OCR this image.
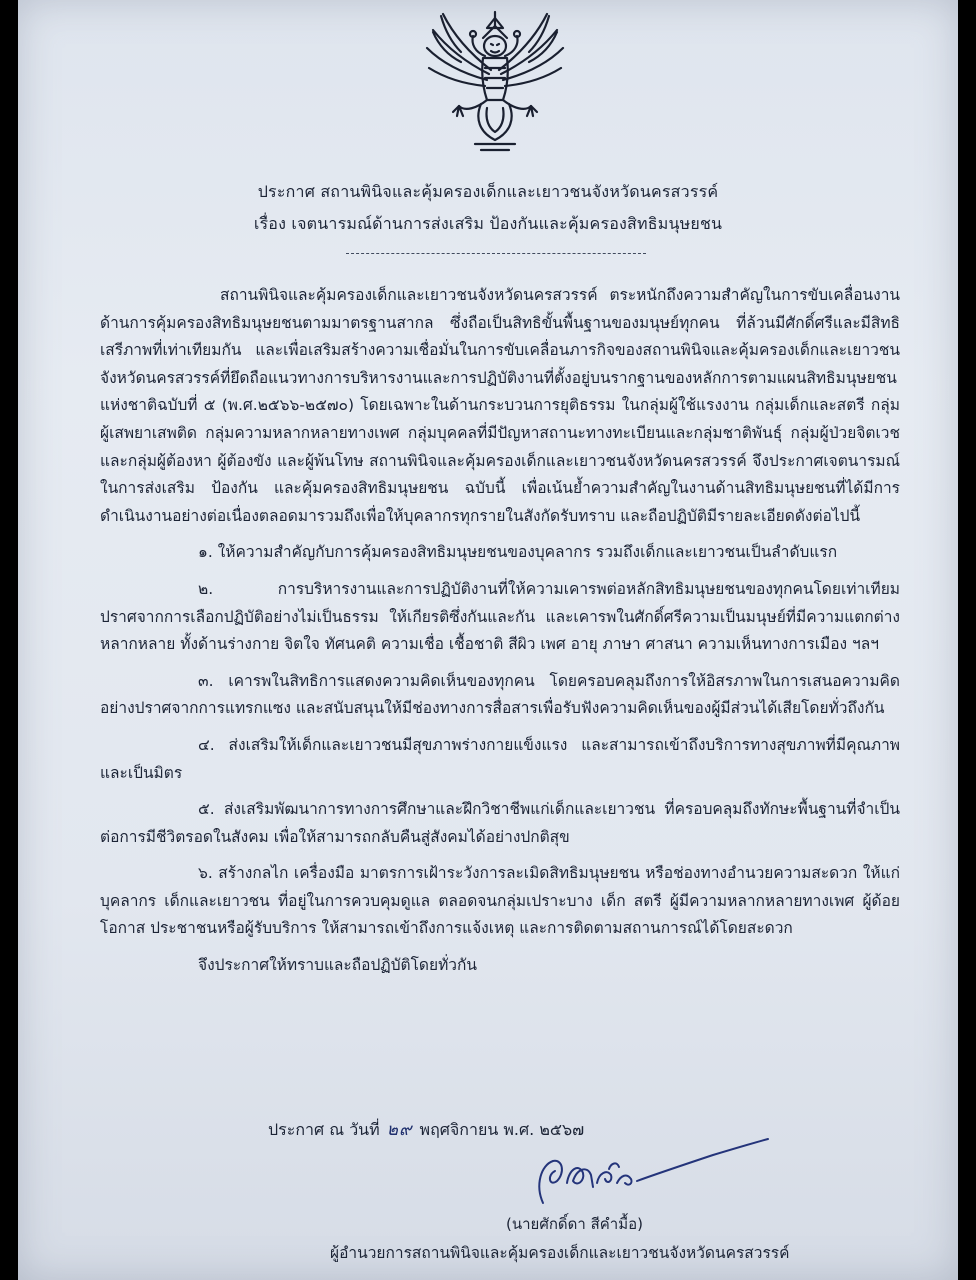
ประกาศ สถานพินิจและคุ้มครองเด็กและเยาวชนจังหวัดนครสวรรค์
เรื่อง เจตนารมณ์ด้านการส่งเสริม ป้องกันและคุ้มครองสิทธิมนุษยชน

สถานพินิจและคุ้มครองเด็กและเยาวชนจังหวัดนครสวรรค์ ตระหนักถึงความสำคัญในการขับเคลื่อนงานด้านการคุ้มครองสิทธิมนุษยชนตามมาตรฐานสากล ซึ่งถือเป็นสิทธิขั้นพื้นฐานของมนุษย์ทุกคน ที่ล้วนมีศักดิ์ศรีและมีสิทธิเสรีภาพที่เท่าเทียมกัน และเพื่อเสริมสร้างความเชื่อมั่นในการขับเคลื่อนภารกิจของสถานพินิจและคุ้มครองเด็กและเยาวชนจังหวัดนครสวรรค์ที่ยึดถือแนวทางการบริหารงานและการปฏิบัติงานที่ตั้งอยู่บนรากฐานของหลักการตามแผนสิทธิมนุษยชนแห่งชาติฉบับที่ ๕ (พ.ศ.๒๕๖๖-๒๕๗๐) โดยเฉพาะในด้านกระบวนการยุติธรรม ในกลุ่มผู้ใช้แรงงาน กลุ่มเด็กและสตรี กลุ่มผู้เสพยาเสพติด กลุ่มความหลากหลายทางเพศ กลุ่มบุคคลที่มีปัญหาสถานะทางทะเบียนและกลุ่มชาติพันธุ์ กลุ่มผู้ป่วยจิตเวช และกลุ่มผู้ต้องหา ผู้ต้องขัง และผู้พ้นโทษ สถานพินิจและคุ้มครองเด็กและเยาวชนจังหวัดนครสวรรค์ จึงประกาศเจตนารมณ์ในการส่งเสริม ป้องกัน และคุ้มครองสิทธิมนุษยชน ฉบับนี้ เพื่อเน้นย้ำความสำคัญในงานด้านสิทธิมนุษยชนที่ได้มีการดำเนินงานอย่างต่อเนื่องตลอดมารวมถึงเพื่อให้บุคลากรทุกรายในสังกัดรับทราบ และถือปฏิบัติมีรายละเอียดดังต่อไปนี้

๑. ให้ความสำคัญกับการคุ้มครองสิทธิมนุษยชนของบุคลากร รวมถึงเด็กและเยาวชนเป็นลำดับแรก

๒. การบริหารงานและการปฏิบัติงานที่ให้ความเคารพต่อหลักสิทธิมนุษยชนของทุกคนโดยเท่าเทียมปราศจากการเลือกปฏิบัติอย่างไม่เป็นธรรม ให้เกียรติซึ่งกันและกัน และเคารพในศักดิ์ศรีความเป็นมนุษย์ที่มีความแตกต่างหลากหลาย ทั้งด้านร่างกาย จิตใจ ทัศนคติ ความเชื่อ เชื้อชาติ สีผิว เพศ อายุ ภาษา ศาสนา ความเห็นทางการเมือง ฯลฯ

๓. เคารพในสิทธิการแสดงความคิดเห็นของทุกคน โดยครอบคลุมถึงการให้อิสรภาพในการเสนอความคิดอย่างปราศจากการแทรกแซง และสนับสนุนให้มีช่องทางการสื่อสารเพื่อรับฟังความคิดเห็นของผู้มีส่วนได้เสียโดยทั่วถึงกัน

๔. ส่งเสริมให้เด็กและเยาวชนมีสุขภาพร่างกายแข็งแรง และสามารถเข้าถึงบริการทางสุขภาพที่มีคุณภาพและเป็นมิตร

๕. ส่งเสริมพัฒนาการทางการศึกษาและฝึกวิชาชีพแก่เด็กและเยาวชน ที่ครอบคลุมถึงทักษะพื้นฐานที่จำเป็นต่อการมีชีวิตรอดในสังคม เพื่อให้สามารถกลับคืนสู่สังคมได้อย่างปกติสุข

๖. สร้างกลไก เครื่องมือ มาตรการเฝ้าระวังการละเมิดสิทธิมนุษยชน หรือช่องทางอำนวยความสะดวก ให้แก่ บุคลากร เด็กและเยาวชน ที่อยู่ในการควบคุมดูแล ตลอดจนกลุ่มเปราะบาง เด็ก สตรี ผู้มีความหลากหลายทางเพศ ผู้ด้อยโอกาส ประชาชนหรือผู้รับบริการ ให้สามารถเข้าถึงการแจ้งเหตุ และการติดตามสถานการณ์ได้โดยสะดวก

จึงประกาศให้ทราบและถือปฏิบัติโดยทั่วกัน

ประกาศ ณ วันที่ ๒๙ พฤศจิกายน พ.ศ. ๒๕๖๗
(นายศักดิ์ดา สีคำมื้อ)
ผู้อำนวยการสถานพินิจและคุ้มครองเด็กและเยาวชนจังหวัดนครสวรรค์
